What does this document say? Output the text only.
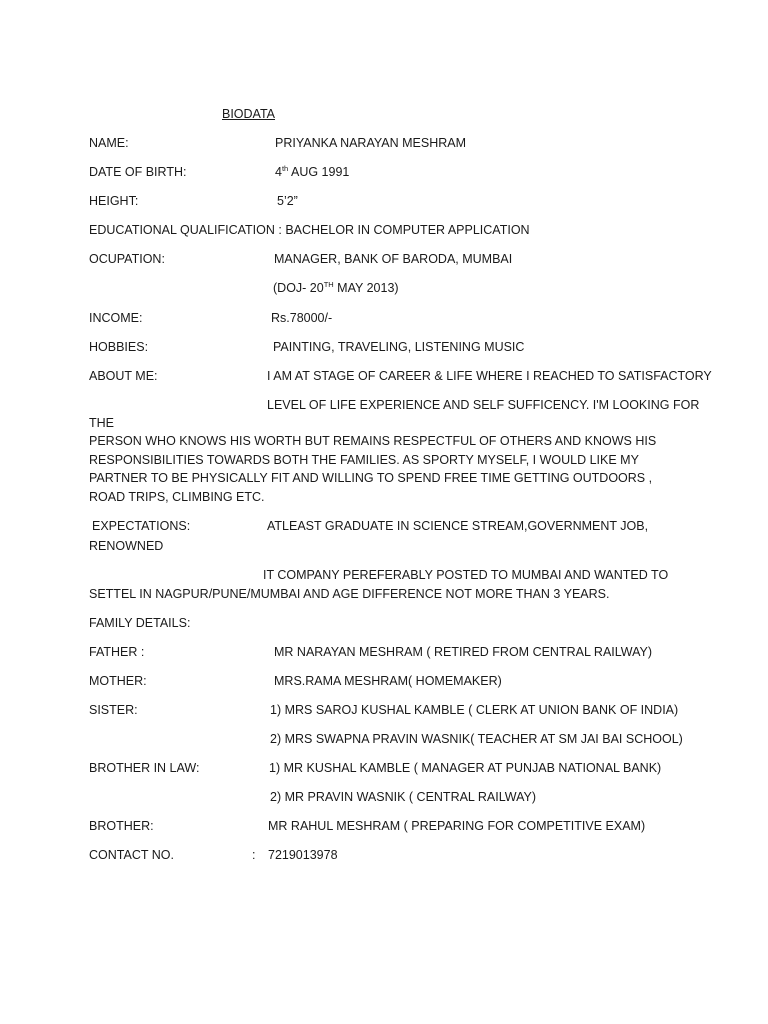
BIODATA
NAME:	PRIYANKA NARAYAN MESHRAM
DATE OF BIRTH:	4th AUG 1991
HEIGHT:	5’2”
EDUCATIONAL QUALIFICATION : BACHELOR IN COMPUTER APPLICATION
OCUPATION:	MANAGER, BANK OF BARODA, MUMBAI
(DOJ- 20TH MAY 2013)
INCOME:	Rs.78000/-
HOBBIES:	PAINTING, TRAVELING, LISTENING MUSIC
ABOUT ME:	I AM AT STAGE OF CAREER & LIFE WHERE I REACHED TO SATISFACTORY
LEVEL OF LIFE EXPERIENCE AND SELF SUFFICENCY. I'M LOOKING FOR
THE
PERSON WHO KNOWS HIS WORTH BUT REMAINS RESPECTFUL OF OTHERS AND KNOWS HIS RESPONSIBILITIES TOWARDS BOTH THE FAMILIES. AS SPORTY MYSELF, I WOULD LIKE MY PARTNER TO BE PHYSICALLY FIT AND WILLING TO SPEND FREE TIME GETTING OUTDOORS , ROAD TRIPS, CLIMBING ETC.
EXPECTATIONS:	ATLEAST GRADUATE IN SCIENCE STREAM,GOVERNMENT JOB,
RENOWNED
IT COMPANY PEREFERABLY POSTED TO MUMBAI AND WANTED TO
SETTEL IN NAGPUR/PUNE/MUMBAI AND AGE DIFFERENCE NOT MORE THAN 3 YEARS.
FAMILY DETAILS:
FATHER :	MR NARAYAN MESHRAM ( RETIRED FROM CENTRAL RAILWAY)
MOTHER:	MRS.RAMA MESHRAM( HOMEMAKER)
SISTER:	1) MRS SAROJ KUSHAL KAMBLE ( CLERK AT UNION BANK OF INDIA)
2) MRS SWAPNA PRAVIN WASNIK( TEACHER AT SM JAI BAI SCHOOL)
BROTHER IN LAW:	1) MR KUSHAL KAMBLE ( MANAGER AT PUNJAB NATIONAL BANK)
2) MR PRAVIN WASNIK ( CENTRAL RAILWAY)
BROTHER:	MR RAHUL MESHRAM ( PREPARING FOR COMPETITIVE EXAM)
CONTACT NO.	: 7219013978
